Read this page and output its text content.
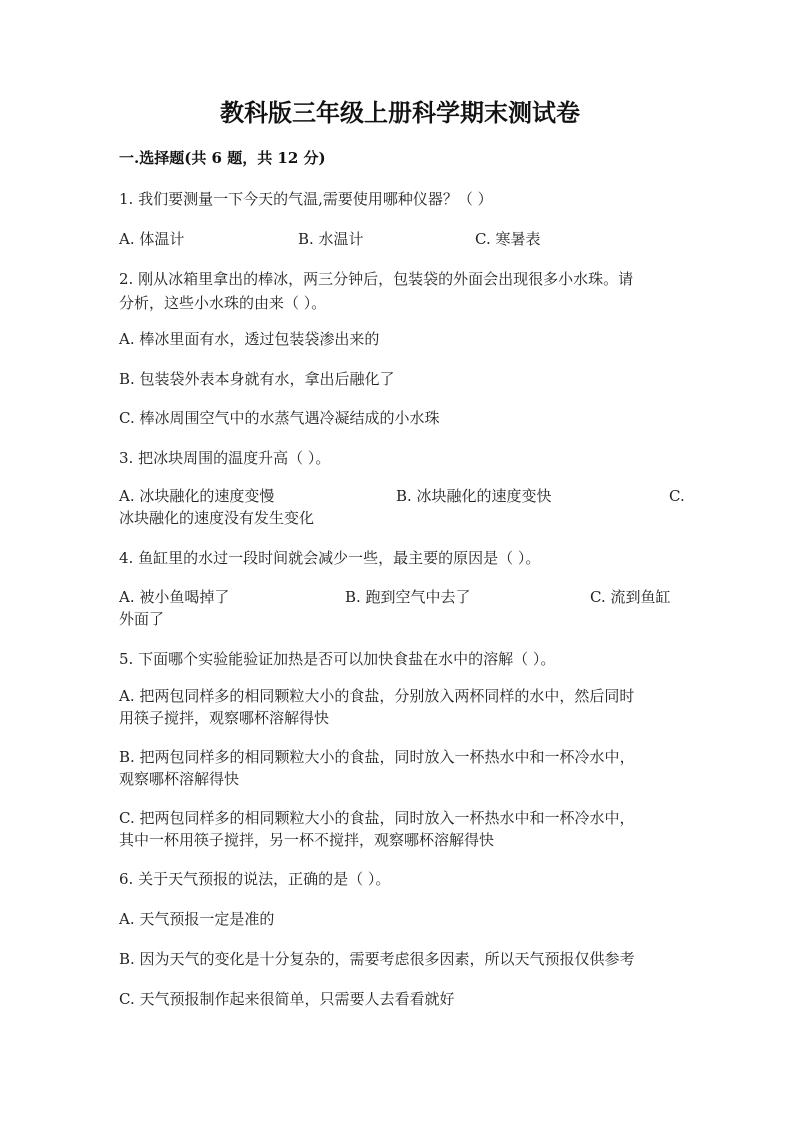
教科版三年级上册科学期末测试卷
一.选择题(共 6 题，共 12 分)
1. 我们要测量一下今天的气温,需要使用哪种仪器？（ ）
A. 体温计	B. 水温计	C. 寒暑表
2. 刚从冰箱里拿出的棒冰，两三分钟后，包装袋的外面会出现很多小水珠。请
分析，这些小水珠的由来（ ）。
A. 棒冰里面有水，透过包装袋渗出来的
B. 包装袋外表本身就有水，拿出后融化了
C. 棒冰周围空气中的水蒸气遇冷凝结成的小水珠
3. 把冰块周围的温度升高（ ）。
A. 冰块融化的速度变慢	B. 冰块融化的速度变快	C.
冰块融化的速度没有发生变化
4. 鱼缸里的水过一段时间就会减少一些，最主要的原因是（ ）。
A. 被小鱼喝掉了	B. 跑到空气中去了	C. 流到鱼缸
外面了
5. 下面哪个实验能验证加热是否可以加快食盐在水中的溶解（ ）。
A. 把两包同样多的相同颗粒大小的食盐，分别放入两杯同样的水中，然后同时
用筷子搅拌，观察哪杯溶解得快
B. 把两包同样多的相同颗粒大小的食盐，同时放入一杯热水中和一杯冷水中，
观察哪杯溶解得快
C. 把两包同样多的相同颗粒大小的食盐，同时放入一杯热水中和一杯冷水中，
其中一杯用筷子搅拌，另一杯不搅拌，观察哪杯溶解得快
6. 关于天气预报的说法，正确的是（ ）。
A. 天气预报一定是准的
B. 因为天气的变化是十分复杂的，需要考虑很多因素，所以天气预报仅供参考
C. 天气预报制作起来很简单，只需要人去看看就好
